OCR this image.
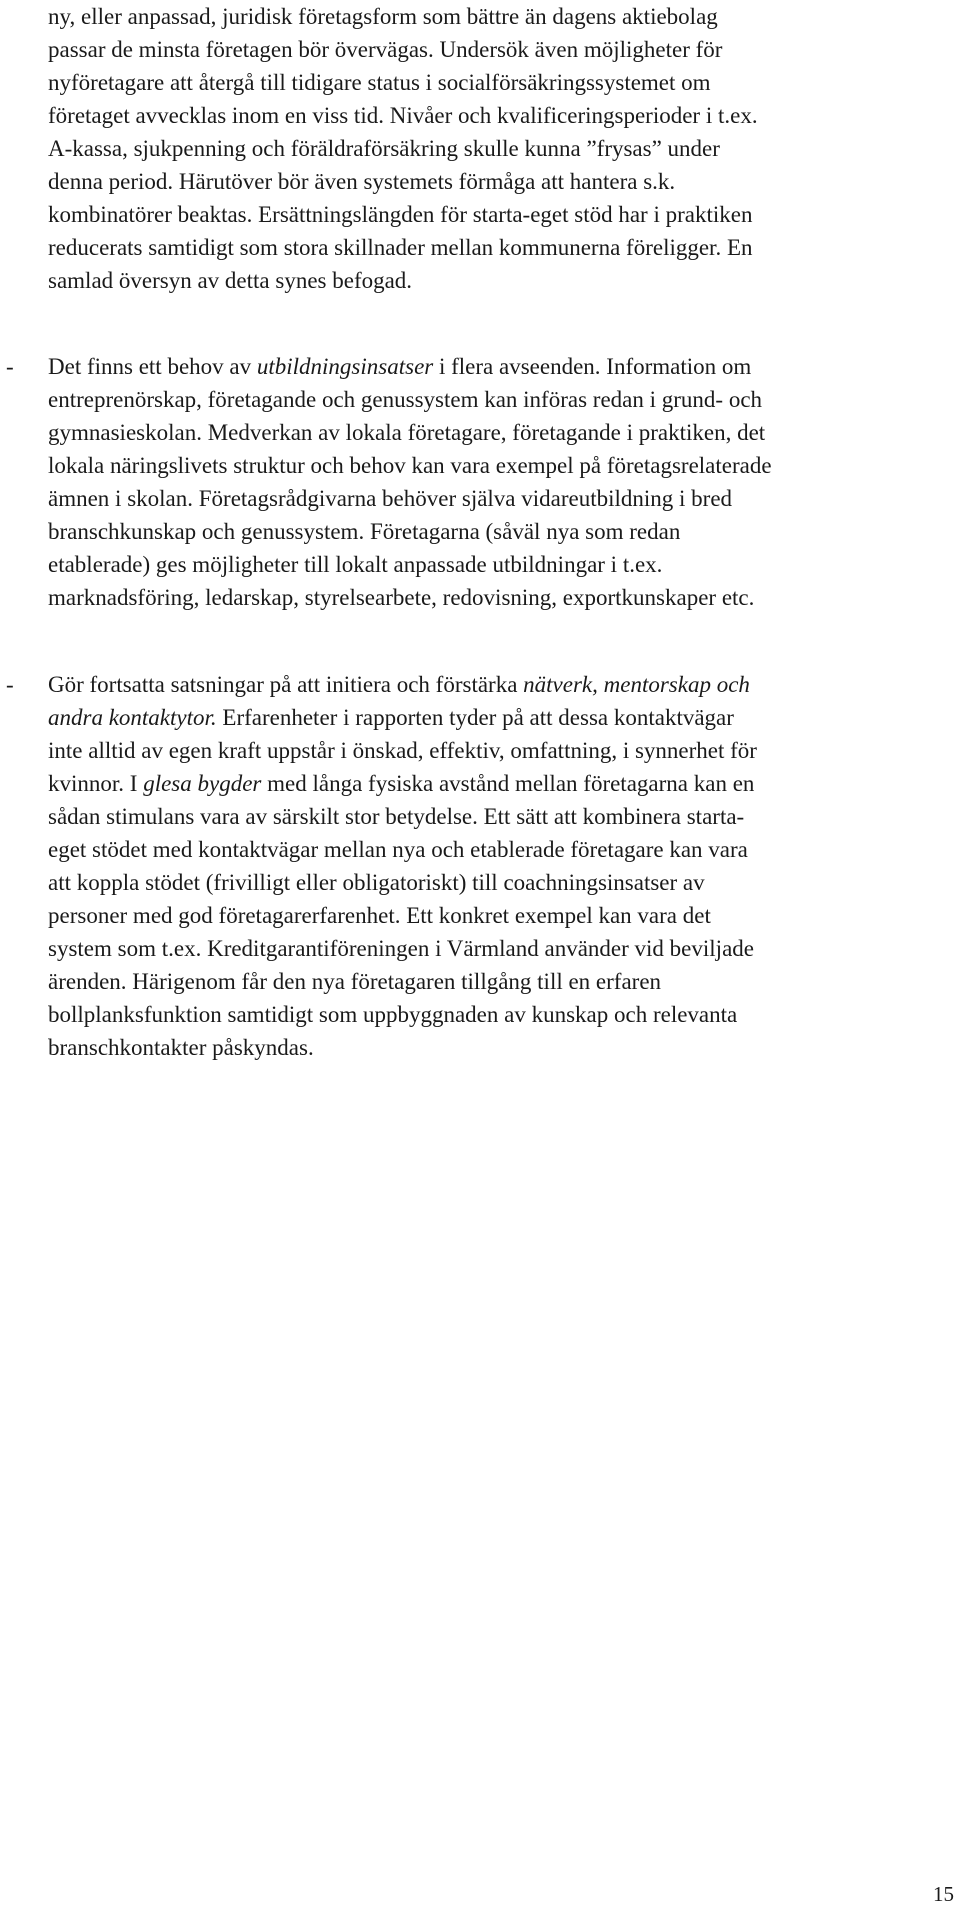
ny, eller anpassad, juridisk företagsform som bättre än dagens aktiebolag
passar de minsta företagen bör övervägas. Undersök även möjligheter för
nyföretagare att återgå till tidigare status i socialförsäkringssystemet om
företaget avvecklas inom en viss tid. Nivåer och kvalificeringsperioder i t.ex.
A-kassa, sjukpenning och föräldraförsäkring skulle kunna ”frysas” under
denna period. Härutöver bör även systemets förmåga att hantera s.k.
kombinatörer beaktas. Ersättningslängden för starta-eget stöd har i praktiken
reducerats samtidigt som stora skillnader mellan kommunerna föreligger. En
samlad översyn av detta synes befogad.

- Det finns ett behov av utbildningsinsatser i flera avseenden. Information om
entreprenörskap, företagande och genussystem kan införas redan i grund- och
gymnasieskolan. Medverkan av lokala företagare, företagande i praktiken, det
lokala näringslivets struktur och behov kan vara exempel på företagsrelaterade
ämnen i skolan. Företagsrådgivarna behöver själva vidareutbildning i bred
branschkunskap och genussystem. Företagarna (såväl nya som redan
etablerade) ges möjligheter till lokalt anpassade utbildningar i t.ex.
marknadsföring, ledarskap, styrelsearbete, redovisning, exportkunskaper etc.
- Gör fortsatta satsningar på att initiera och förstärka nätverk, mentorskap och
andra kontaktytor. Erfarenheter i rapporten tyder på att dessa kontaktvägar
inte alltid av egen kraft uppstår i önskad, effektiv, omfattning, i synnerhet för
kvinnor. I glesa bygder med långa fysiska avstånd mellan företagarna kan en
sådan stimulans vara av särskilt stor betydelse. Ett sätt att kombinera starta-
eget stödet med kontaktvägar mellan nya och etablerade företagare kan vara
att koppla stödet (frivilligt eller obligatoriskt) till coachningsinsatser av
personer med god företagarerfarenhet. Ett konkret exempel kan vara det
system som t.ex. Kreditgarantiföreningen i Värmland använder vid beviljade
ärenden. Härigenom får den nya företagaren tillgång till en erfaren
bollplanksfunktion samtidigt som uppbyggnaden av kunskap och relevanta
branschkontakter påskyndas.
15
